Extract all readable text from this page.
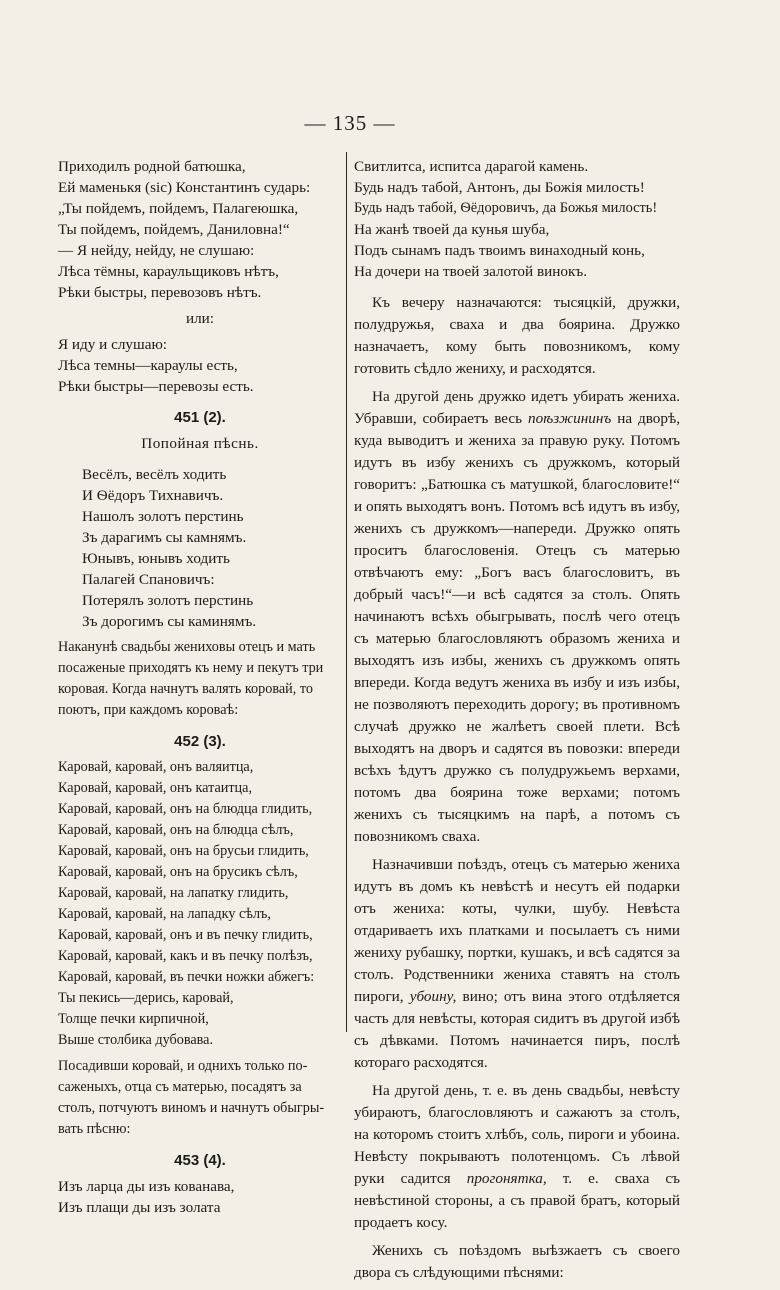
— 135 —
Приходилъ родной батюшка,
Ей маменькя (sic) Константинъ сударь:
„Ты пойдемъ, пойдемъ, Палагеюшка,
Ты пойдемъ, пойдемъ, Даниловна!“
— Я нейду, нейду, не слушаю:
Лѣса тёмны, караульщиковъ нѣтъ,
Рѣки быстры, перевозовъ нѣтъ.
или:
Я иду и слушаю:
Лѣса темны—караулы есть,
Рѣки быстры—перевозы есть.
451 (2).
Попойная пѣснь.
Весёлъ, весёлъ ходить
И Ѳёдоръ Тихнавичъ.
Нашолъ золотъ перстинь
Зъ дарагимъ сы камнямъ.
Юнывъ, юнывъ ходить
Палагей Спановичъ:
Потерялъ золотъ перстинь
Зъ дорогимъ сы каминямъ.
Наканунѣ свадьбы жениховы отецъ и мать
посаженые приходятъ къ нему и пекутъ три
коровая. Когда начнутъ валять коровай, то
поютъ, при каждомъ короваѣ:
452 (3).
Каровай, каровай, онъ валяитца,
Каровай, каровай, онъ катаитца,
Каровай, каровай, онъ на блюдца глидить,
Каровай, каровай, онъ на блюдца сѣлъ,
Каровай, каровай, онъ на брусьи глидить,
Каровай, каровай, онъ на брусикъ сѣлъ,
Каровай, каровай, на лапатку глидить,
Каровай, каровай, на лападку сѣлъ,
Каровай, каровай, онъ и въ печку глидить,
Каровай, каровай, какъ и въ печку полѣзъ,
Каровай, каровай, въ печки ножки абжегъ:
Ты пекись—дерись, каровай,
Толще печки кирпичной,
Выше столбика дубовава.
Посадивши коровай, и однихъ только по-
саженыхъ, отца съ матерью, посадятъ за
столъ, потчуютъ виномъ и начнутъ обыгры-
вать пѣсню:
453 (4).
Изъ ларца ды изъ кованава,
Изъ плащи ды изъ золата
Свитлитса, испитса дарагой камень.
Будь надъ табой, Антонъ, ды Божія милость!
Будь надъ табой, Ѳёдоровичъ, да Божья милость!
На жанѣ твоей да кунья шуба,
Подъ сынамъ падъ твоимъ винаходный конь,
На дочери на твоей залотой винокъ.

Къ вечеру назначаются: тысяцкій, дружки, полудружья, сваха и два боярина. Дружко назначаетъ, кому быть повозникомъ, кому готовить сѣдло жениху, и расходятся.

На другой день дружко идетъ убирать жениха. Убравши, собираетъ весь поѣзжининъ на дворѣ, куда выводитъ и жениха за правую руку. Потомъ идутъ въ избу женихъ съ дружкомъ, который говоритъ: „Батюшка съ матушкой, благословите!“ и опять выходятъ вонъ. Потомъ всѣ идутъ въ избу, женихъ съ дружкомъ—напереди. Дружко опять проситъ благословенія. Отецъ съ матерью отвѣчаютъ ему: „Богъ васъ благословитъ, въ добрый часъ!“—и всѣ садятся за столъ. Опять начинаютъ всѣхъ обыгрывать, послѣ чего отецъ съ матерью благословляютъ образомъ жениха и выходятъ изъ избы, женихъ съ дружкомъ опять впереди. Когда ведутъ жениха въ избу и изъ избы, не позволяютъ переходить дорогу; въ противномъ случаѣ дружко не жалѣетъ своей плети. Всѣ выходятъ на дворъ и садятся въ повозки: впереди всѣхъ ѣдутъ дружко съ полудружьемъ верхами, потомъ два боярина тоже верхами; потомъ женихъ съ тысяцкимъ на парѣ, а потомъ съ повозникомъ сваха.

Назначивши поѣздъ, отецъ съ матерью жениха идутъ въ домъ къ невѣстѣ и несутъ ей подарки отъ жениха: коты, чулки, шубу. Невѣста отдариваетъ ихъ платками и посылаетъ съ ними жениху рубашку, портки, кушакъ, и всѣ садятся за столъ. Родственники жениха ставятъ на столъ пироги, убоину, вино; отъ вина этого отдѣляется часть для невѣсты, которая сидитъ въ другой избѣ съ дѣвками. Потомъ начинается пиръ, послѣ котораго расходятся.

На другой день, т. е. въ день свадьбы, невѣсту убираютъ, благословляютъ и сажаютъ за столъ, на которомъ стоитъ хлѣбъ, соль, пироги и убоина. Невѣсту покрываютъ полотенцомъ. Съ лѣвой руки садится прогонятка, т. е. сваха съ невѣстиной стороны, а съ правой братъ, который продаетъ косу.

Женихъ съ поѣздомъ выѣзжаетъ съ своего двора съ слѣдующими пѣснями:
